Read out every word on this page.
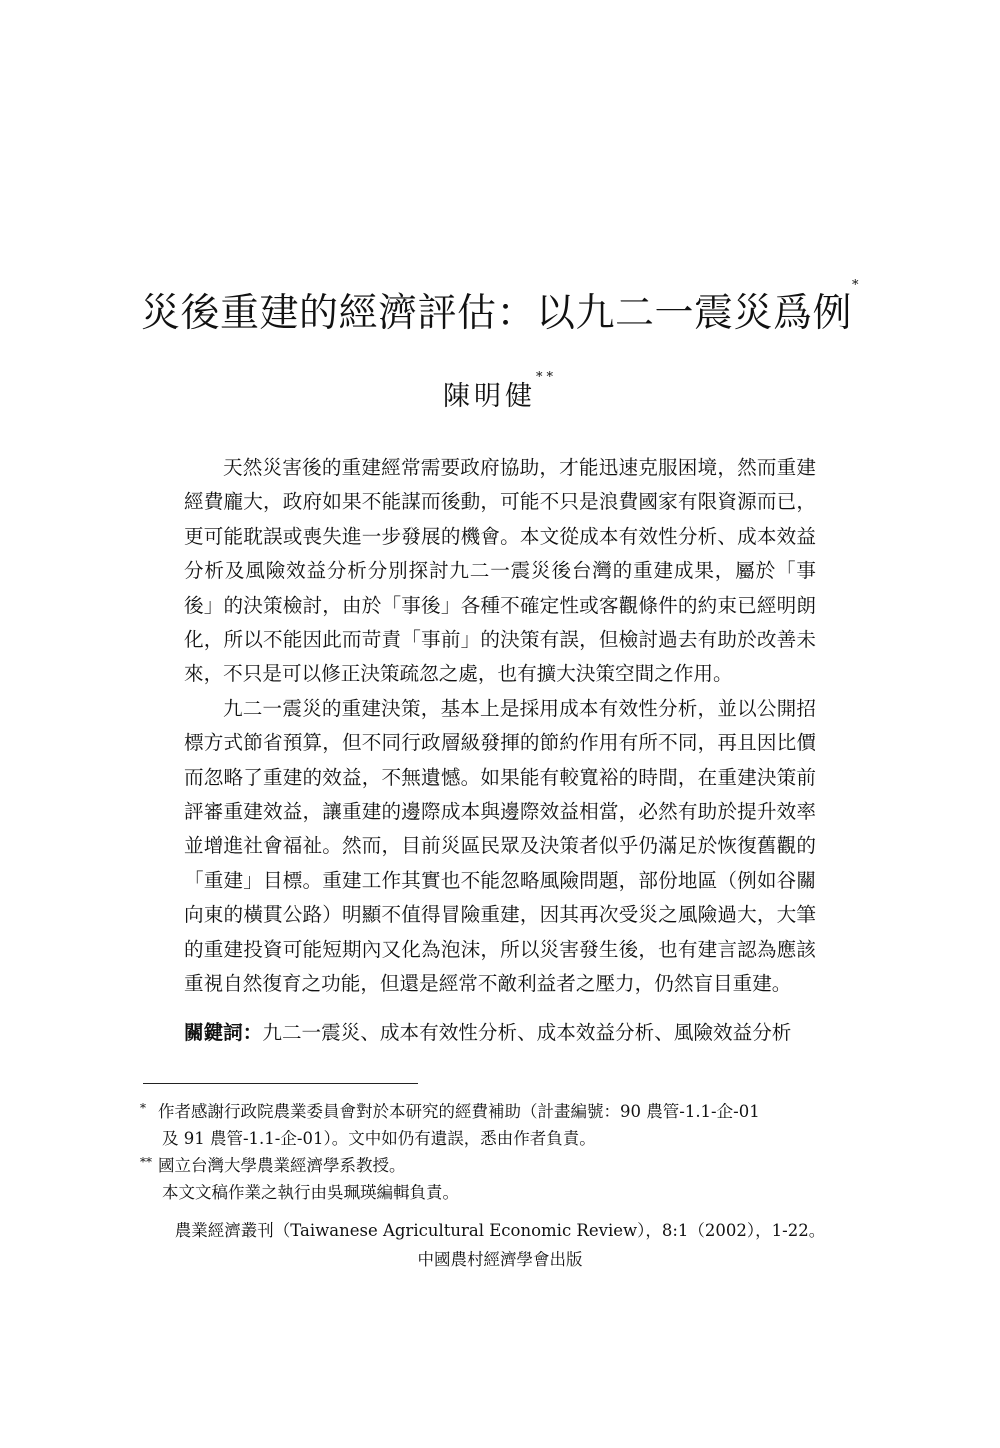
災後重建的經濟評估：以九二一震災爲例*
陳明健**

天然災害後的重建經常需要政府協助，才能迅速克服困境，然而重建
經費龐大，政府如果不能謀而後動，可能不只是浪費國家有限資源而已，
更可能耽誤或喪失進一步發展的機會。本文從成本有效性分析、成本效益
分析及風險效益分析分別探討九二一震災後台灣的重建成果，屬於「事
後」的決策檢討，由於「事後」各種不確定性或客觀條件的約束已經明朗
化，所以不能因此而苛責「事前」的決策有誤，但檢討過去有助於改善未
來，不只是可以修正決策疏忽之處，也有擴大決策空間之作用。

九二一震災的重建決策，基本上是採用成本有效性分析，並以公開招
標方式節省預算，但不同行政層級發揮的節約作用有所不同，再且因比價
而忽略了重建的效益，不無遺憾。如果能有較寬裕的時間，在重建決策前
評審重建效益，讓重建的邊際成本與邊際效益相當，必然有助於提升效率
並增進社會福祉。然而，目前災區民眾及決策者似乎仍滿足於恢復舊觀的
「重建」目標。重建工作其實也不能忽略風險問題，部份地區（例如谷關
向東的橫貫公路）明顯不值得冒險重建，因其再次受災之風險過大，大筆
的重建投資可能短期內又化為泡沫，所以災害發生後，也有建言認為應該
重視自然復育之功能，但還是經常不敵利益者之壓力，仍然盲目重建。

關鍵詞：九二一震災、成本有效性分析、成本效益分析、風險效益分析
* 作者感謝行政院農業委員會對於本研究的經費補助（計畫編號：90 農管-1.1-企-01
及 91 農管-1.1-企-01）。文中如仍有遺誤，悉由作者負責。
** 國立台灣大學農業經濟學系教授。
本文文稿作業之執行由吳珮瑛編輯負責。
農業經濟叢刊（Taiwanese Agricultural Economic Review），8:1（2002），1-22。
中國農村經濟學會出版
